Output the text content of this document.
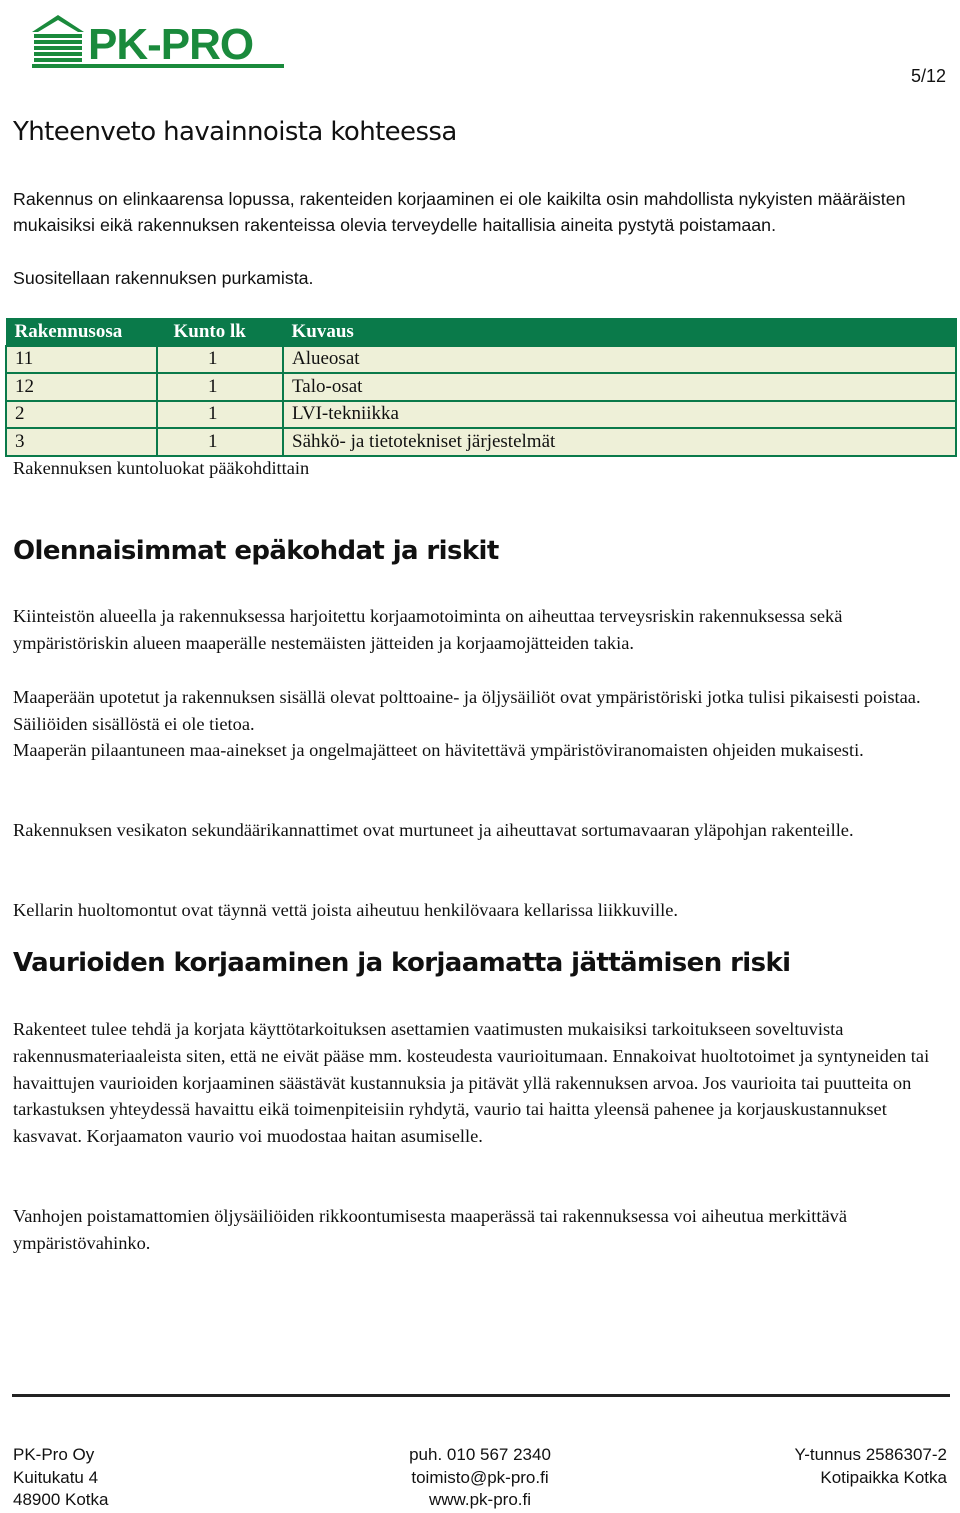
PK-PRO
5/12
Yhteenveto havainnoista kohteessa
Rakennus on elinkaarensa lopussa, rakenteiden korjaaminen ei ole kaikilta osin mahdollista nykyisten määräisten mukaisiksi eikä rakennuksen rakenteissa olevia terveydelle haitallisia aineita pystytä poistamaan.
Suositellaan rakennuksen purkamista.
Rakennusosa	Kunto lk	Kuvaus
11	1	Alueosat
12	1	Talo-osat
2	1	LVI-tekniikka
3	1	Sähkö- ja tietotekniset järjestelmät
Rakennuksen kuntoluokat pääkohdittain
Olennaisimmat epäkohdat ja riskit
Kiinteistön alueella ja rakennuksessa harjoitettu korjaamotoiminta on aiheuttaa terveysriskin rakennuksessa sekä ympäristöriskin alueen maaperälle nestemäisten jätteiden ja korjaamojätteiden takia.
Maaperään upotetut ja rakennuksen sisällä olevat polttoaine- ja öljysäiliöt ovat ympäristöriski jotka tulisi pikaisesti poistaa. Säiliöiden sisällöstä ei ole tietoa.
Maaperän pilaantuneen maa-ainekset ja ongelmajätteet on hävitettävä ympäristöviranomaisten ohjeiden mukaisesti.
Rakennuksen vesikaton sekundäärikannattimet ovat murtuneet ja aiheuttavat sortumavaaran yläpohjan rakenteille.
Kellarin huoltomontut ovat täynnä vettä joista aiheutuu henkilövaara kellarissa liikkuville.
Vaurioiden korjaaminen ja korjaamatta jättämisen riski
Rakenteet tulee tehdä ja korjata käyttötarkoituksen asettamien vaatimusten mukaisiksi tarkoitukseen soveltuvista rakennusmateriaaleista siten, että ne eivät pääse mm. kosteudesta vaurioitumaan. Ennakoivat huoltotoimet ja syntyneiden tai havaittujen vaurioiden korjaaminen säästävät kustannuksia ja pitävät yllä rakennuksen arvoa. Jos vaurioita tai puutteita on tarkastuksen yhteydessä havaittu eikä toimenpiteisiin ryhdytä, vaurio tai haitta yleensä pahenee ja korjauskustannukset kasvavat. Korjaamaton vaurio voi muodostaa haitan asumiselle.
Vanhojen poistamattomien öljysäiliöiden rikkoontumisesta maaperässä tai rakennuksessa voi aiheutua merkittävä ympäristövahinko.
PK-Pro Oy
Kuitukatu 4
48900 Kotka
puh. 010 567 2340
toimisto@pk-pro.fi
www.pk-pro.fi
Y-tunnus 2586307-2
Kotipaikka Kotka
